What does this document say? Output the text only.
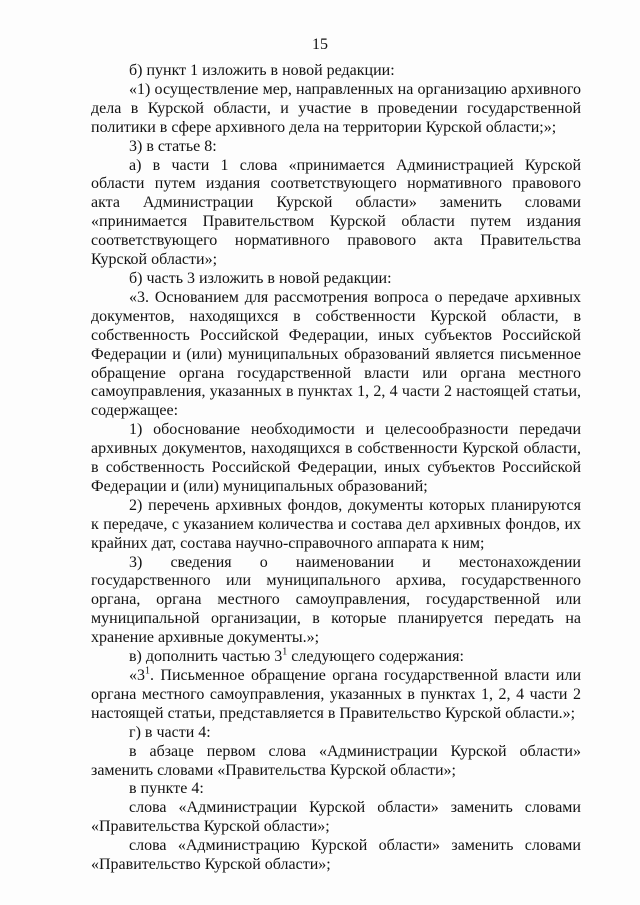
15

б) пункт 1 изложить в новой редакции:

«1) осуществление мер, направленных на организацию архивного дела в Курской области, и участие в проведении государственной политики в сфере архивного дела на территории Курской области;»;

3) в статье 8:

а) в части 1 слова «принимается Администрацией Курской области путем издания соответствующего нормативного правового акта Администрации Курской области» заменить словами «принимается Правительством Курской области путем издания соответствующего нормативного правового акта Правительства Курской области»;

б) часть 3 изложить в новой редакции:

«3. Основанием для рассмотрения вопроса о передаче архивных документов, находящихся в собственности Курской области, в собственность Российской Федерации, иных субъектов Российской Федерации и (или) муниципальных образований является письменное обращение органа государственной власти или органа местного самоуправления, указанных в пунктах 1, 2, 4 части 2 настоящей статьи, содержащее:

1) обоснование необходимости и целесообразности передачи архивных документов, находящихся в собственности Курской области, в собственность Российской Федерации, иных субъектов Российской Федерации и (или) муниципальных образований;

2) перечень архивных фондов, документы которых планируются к передаче, с указанием количества и состава дел архивных фондов, их крайних дат, состава научно-справочного аппарата к ним;

3) сведения о наименовании и местонахождении государственного или муниципального архива, государственного органа, органа местного самоуправления, государственной или муниципальной организации, в которые планируется передать на хранение архивные документы.»;

в) дополнить частью $3^1$ следующего содержания:

«$3^1$. Письменное обращение органа государственной власти или органа местного самоуправления, указанных в пунктах 1, 2, 4 части 2 настоящей статьи, представляется в Правительство Курской области.»;

г) в части 4:

в абзаце первом слова «Администрации Курской области» заменить словами «Правительства Курской области»;

в пункте 4:

слова «Администрации Курской области» заменить словами «Правительства Курской области»;

слова «Администрацию Курской области» заменить словами «Правительство Курской области»;
